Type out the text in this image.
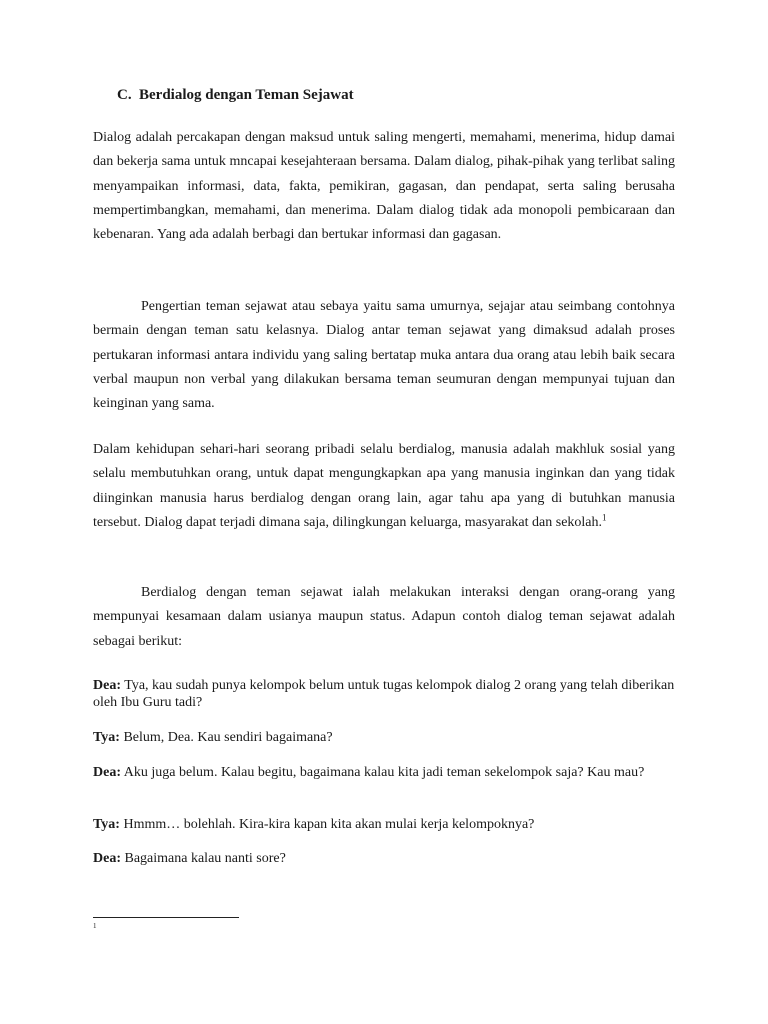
C. Berdialog dengan Teman Sejawat

Dialog adalah percakapan dengan maksud untuk saling mengerti, memahami, menerima, hidup damai dan bekerja sama untuk mncapai kesejahteraan bersama. Dalam dialog, pihak-pihak yang terlibat saling menyampaikan informasi, data, fakta, pemikiran, gagasan, dan pendapat, serta saling berusaha mempertimbangkan, memahami, dan menerima. Dalam dialog tidak ada monopoli pembicaraan dan kebenaran. Yang ada adalah berbagi dan bertukar informasi dan gagasan.

Pengertian teman sejawat atau sebaya yaitu sama umurnya, sejajar atau seimbang contohnya bermain dengan teman satu kelasnya. Dialog antar teman sejawat yang dimaksud adalah proses pertukaran informasi antara individu yang saling bertatap muka antara dua orang atau lebih baik secara verbal maupun non verbal yang dilakukan bersama teman seumuran dengan mempunyai tujuan dan keinginan yang sama.

Dalam kehidupan sehari-hari seorang pribadi selalu berdialog, manusia adalah makhluk sosial yang selalu membutuhkan orang, untuk dapat mengungkapkan apa yang manusia inginkan dan yang tidak diinginkan manusia harus berdialog dengan orang lain, agar tahu apa yang di butuhkan manusia tersebut. Dialog dapat terjadi dimana saja, dilingkungan keluarga, masyarakat dan sekolah.$^1$

Berdialog dengan teman sejawat ialah melakukan interaksi dengan orang-orang yang mempunyai kesamaan dalam usianya maupun status. Adapun contoh dialog teman sejawat adalah sebagai berikut:

Dea: Tya, kau sudah punya kelompok belum untuk tugas kelompok dialog 2 orang yang telah diberikan oleh Ibu Guru tadi?

Tya: Belum, Dea. Kau sendiri bagaimana?

Dea: Aku juga belum. Kalau begitu, bagaimana kalau kita jadi teman sekelompok saja? Kau mau?

Tya: Hmmm… bolehlah. Kira-kira kapan kita akan mulai kerja kelompoknya?

Dea: Bagaimana kalau nanti sore?

1
